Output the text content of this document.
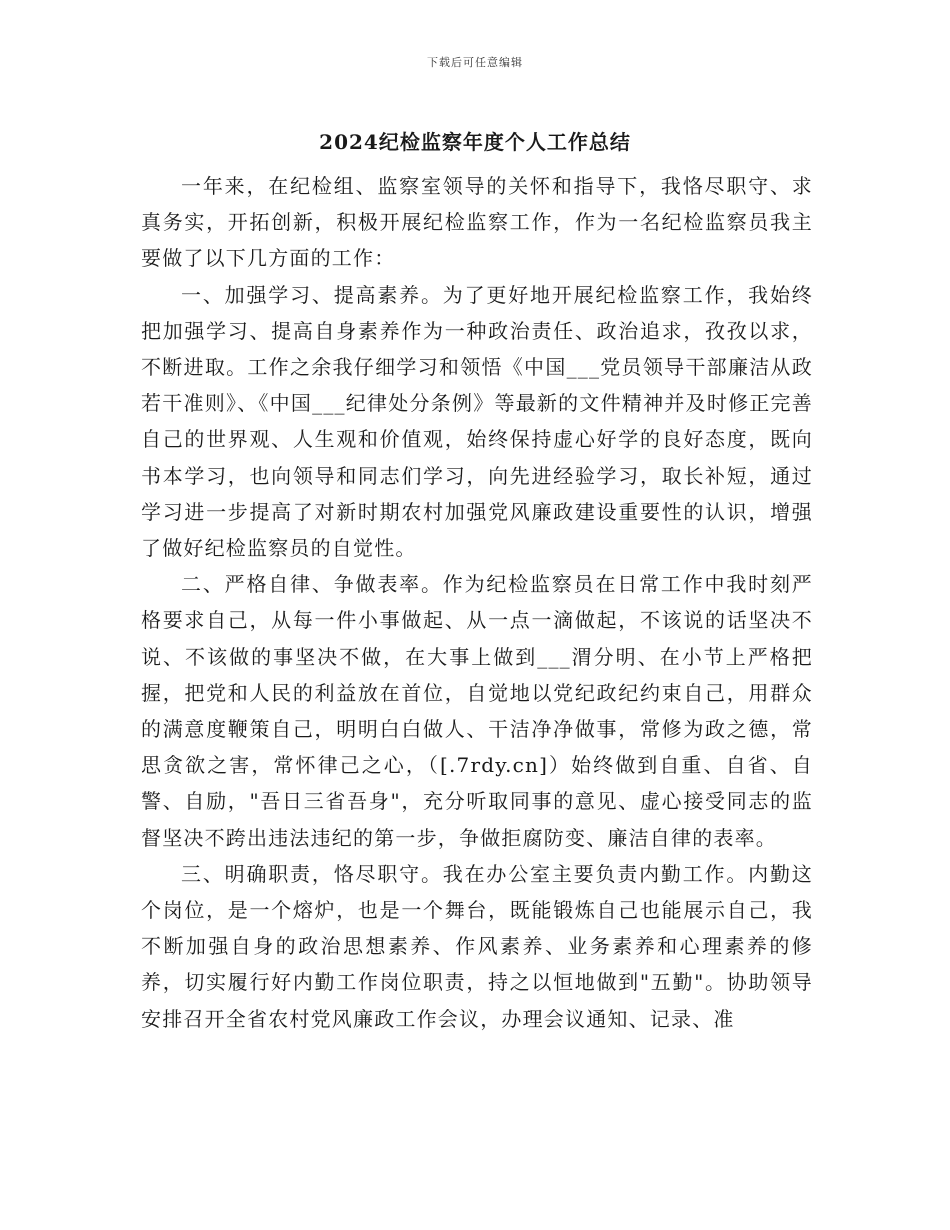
下载后可任意编辑
2024纪检监察年度个人工作总结

一年来，在纪检组、监察室领导的关怀和指导下，我恪尽职守、求真务实，开拓创新，积极开展纪检监察工作，作为一名纪检监察员我主要做了以下几方面的工作：

一、加强学习、提高素养。为了更好地开展纪检监察工作，我始终把加强学习、提高自身素养作为一种政治责任、政治追求，孜孜以求，不断进取。工作之余我仔细学习和领悟《中国___党员领导干部廉洁从政若干准则》、《中国___纪律处分条例》等最新的文件精神并及时修正完善自己的世界观、人生观和价值观，始终保持虚心好学的良好态度，既向书本学习，也向领导和同志们学习，向先进经验学习，取长补短，通过学习进一步提高了对新时期农村加强党风廉政建设重要性的认识，增强了做好纪检监察员的自觉性。

二、严格自律、争做表率。作为纪检监察员在日常工作中我时刻严格要求自己，从每一件小事做起、从一点一滴做起，不该说的话坚决不说、不该做的事坚决不做，在大事上做到___渭分明、在小节上严格把握，把党和人民的利益放在首位，自觉地以党纪政纪约束自己，用群众的满意度鞭策自己，明明白白做人、干洁净净做事，常修为政之德，常思贪欲之害，常怀律己之心，（[.7rdy.cn]）始终做到自重、自省、自警、自励，"吾日三省吾身"，充分听取同事的意见、虚心接受同志的监督坚决不跨出违法违纪的第一步，争做拒腐防变、廉洁自律的表率。

三、明确职责，恪尽职守。我在办公室主要负责内勤工作。内勤这个岗位，是一个熔炉，也是一个舞台，既能锻炼自己也能展示自己，我不断加强自身的政治思想素养、作风素养、业务素养和心理素养的修养，切实履行好内勤工作岗位职责，持之以恒地做到"五勤"。协助领导安排召开全省农村党风廉政工作会议，办理会议通知、记录、准
